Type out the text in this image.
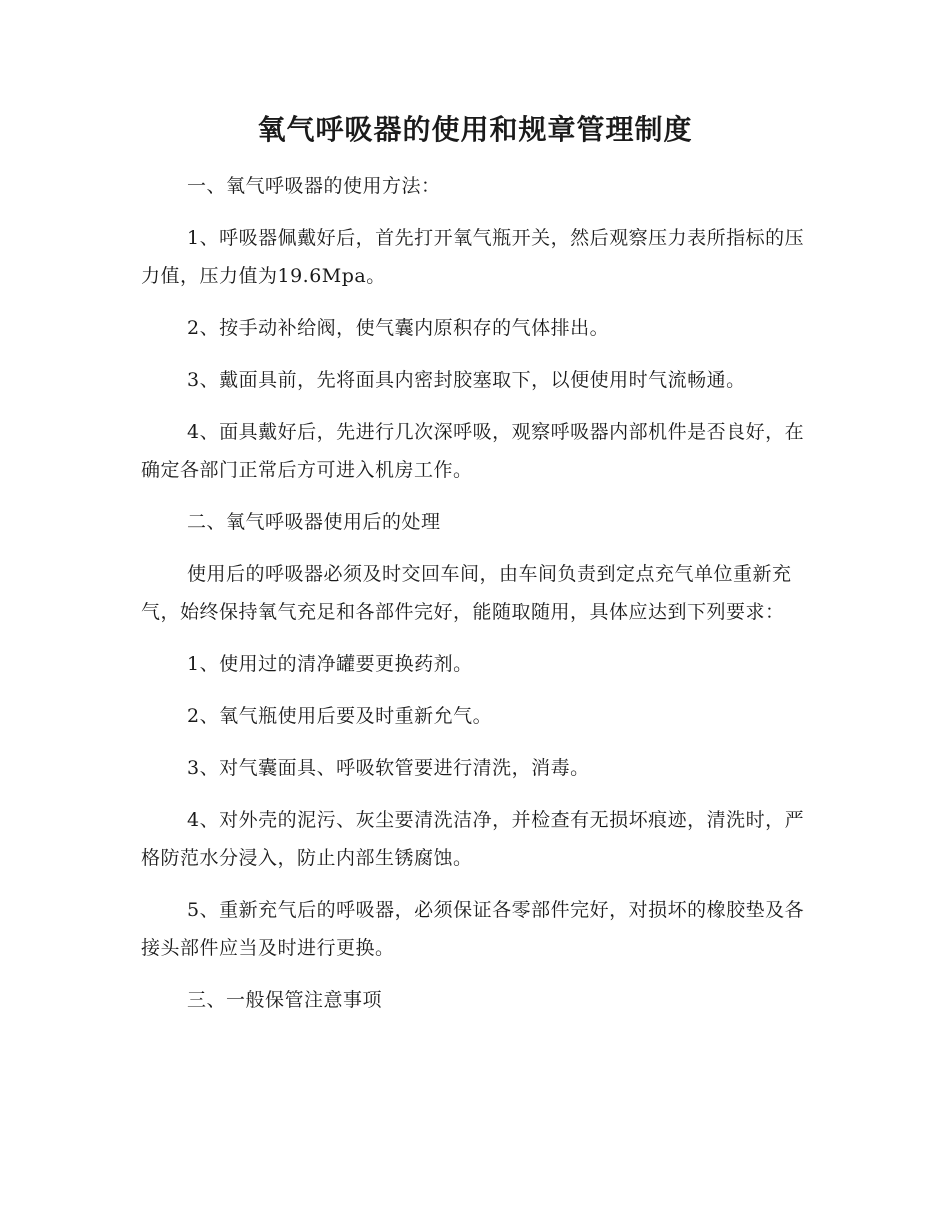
氧气呼吸器的使用和规章管理制度

一、氧气呼吸器的使用方法：

1、呼吸器佩戴好后，首先打开氧气瓶开关，然后观察压力表所指标的压力值，压力值为19.6Mpa。

2、按手动补给阀，使气囊内原积存的气体排出。

3、戴面具前，先将面具内密封胶塞取下，以便使用时气流畅通。

4、面具戴好后，先进行几次深呼吸，观察呼吸器内部机件是否良好，在确定各部门正常后方可进入机房工作。

二、氧气呼吸器使用后的处理

使用后的呼吸器必须及时交回车间，由车间负责到定点充气单位重新充气，始终保持氧气充足和各部件完好，能随取随用，具体应达到下列要求：

1、使用过的清净罐要更换药剂。

2、氧气瓶使用后要及时重新允气。

3、对气囊面具、呼吸软管要进行清洗，消毒。

4、对外壳的泥污、灰尘要清洗洁净，并检查有无损坏痕迹，清洗时，严格防范水分浸入，防止内部生锈腐蚀。

5、重新充气后的呼吸器，必须保证各零部件完好，对损坏的橡胶垫及各接头部件应当及时进行更换。

三、一般保管注意事项
